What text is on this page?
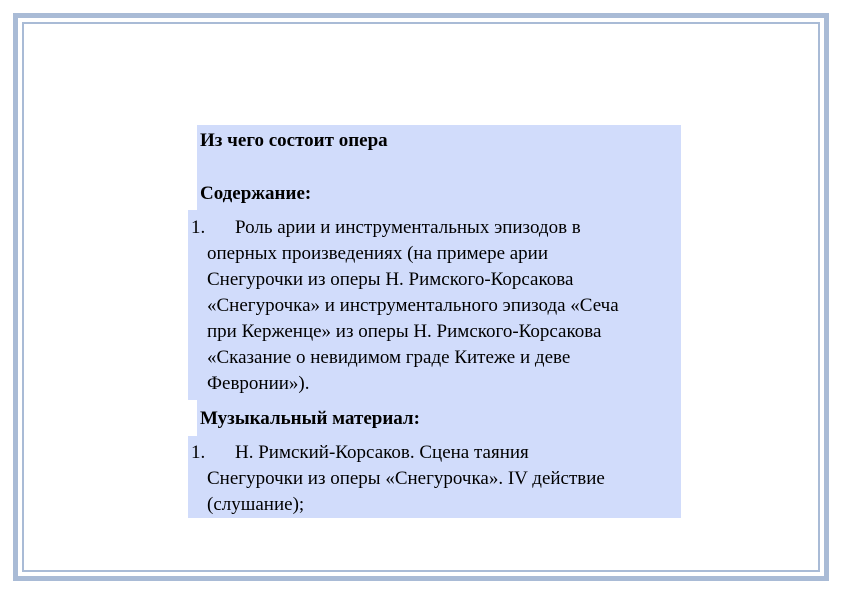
Из чего состоит опера
Содержание:
1.	Роль арии и инструментальных эпизодов в
оперных произведениях (на примере арии
Снегурочки из оперы Н. Римского-Корсакова
«Снегурочка» и инструментального эпизода «Сеча
при Керженце» из оперы Н. Римского-Корсакова
«Сказание о невидимом граде Китеже и деве
Февронии»).
Музыкальный материал:
1.	Н. Римский-Корсаков. Сцена таяния
Снегурочки из оперы «Снегурочка». IV действие
(слушание);
